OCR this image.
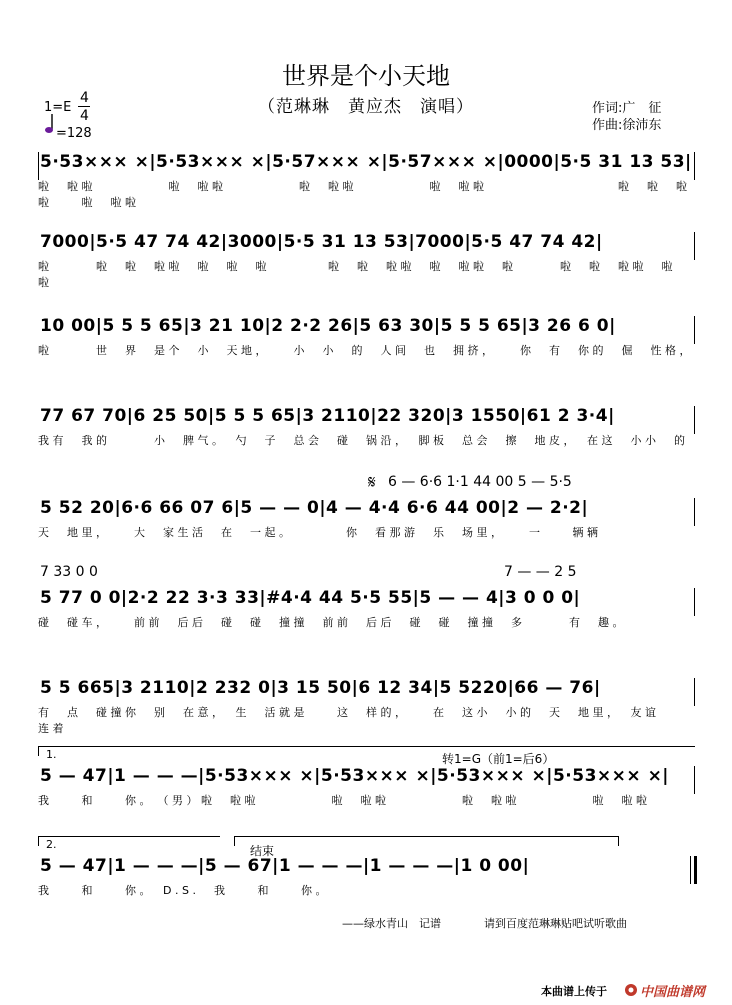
世界是个小天地
（范琳琳　黄应杰　演唱）
1=E
4
4
=128
作词:广　征
作曲:徐沛东
5·53××× ×|5·53××× ×|5·57××× ×|5·57××× ×|0000|5·5 31 13 53|
啦　啦啦　　　　　啦　啦啦　　　　　啦　啦啦　　　　　啦　啦啦　　　　　　　　　啦　啦　啦啦　　啦　啦啦
7000|5·5 47 74 42|3000|5·5 31 13 53|7000|5·5 47 74 42|
啦　　　啦　啦　啦啦　啦　啦　啦　　　　啦　啦　啦啦　啦　啦啦　啦　　　啦　啦　啦啦　啦　　啦
10 00|5 5 5 65|3 21 10|2 2·2 26|5 63 30|5 5 5 65|3 26 6 0|
啦　　　世　界　是个　小　天地，　　小　小　的　人间　也　拥挤，　　你　有　你的　倔　性格，
77 67 70|6 25 50|5 5 5 65|3 2110|22 320|3 1550|61 2 3·4|
我有　我的　　　小　脾气。　勺　子　总会　碰　锅沿，　脚板　总会　擦　地皮，　在这　小小　的
𝄋 6 — 6·6 1·1 44 00 5 — 5·5
5 52 20|6·6 66 07 6|5 — — 0|4 — 4·4 6·6 44 00|2 — 2·2|
天　地里，　　大　家生活　在　一起。　　　　你　看那游　乐　场里，　　一　　辆辆
7 33 0 0	7 — — 2 5
5 77 0 0|2·2 22 3·3 33|#4·4 44 5·5 55|5 — — 4|3 0 0 0|
碰　碰车，　　前前　后后　碰　碰　撞撞　前前　后后　碰　碰　撞撞　多　　　有　趣。
5 5 665|3 2110|2 232 0|3 15 50|6 12 34|5 5220|66 — 76|
有　点　碰撞你　别　在意，　生　活就是　　这　样的，　　在　这小　小的　天　地里，　友谊　　连着
1.	转1=G（前1=后6）
5 — 47|1 — — —|5·53××× ×|5·53××× ×|5·53××× ×|5·53××× ×|
我　　和　　你。　（男）啦　啦啦　　　　　啦　啦啦　　　　　啦　啦啦　　　　　啦　啦啦
2.	结束
5 — 47|1 — — —|5 — 67|1 — — —|1 — — —|1 0 00|
我　　和　　你。　D.S.　我　　和　　你。
——绿水青山　记谱	请到百度范琳琳贴吧试听歌曲
本曲谱上传于	中国曲谱网
